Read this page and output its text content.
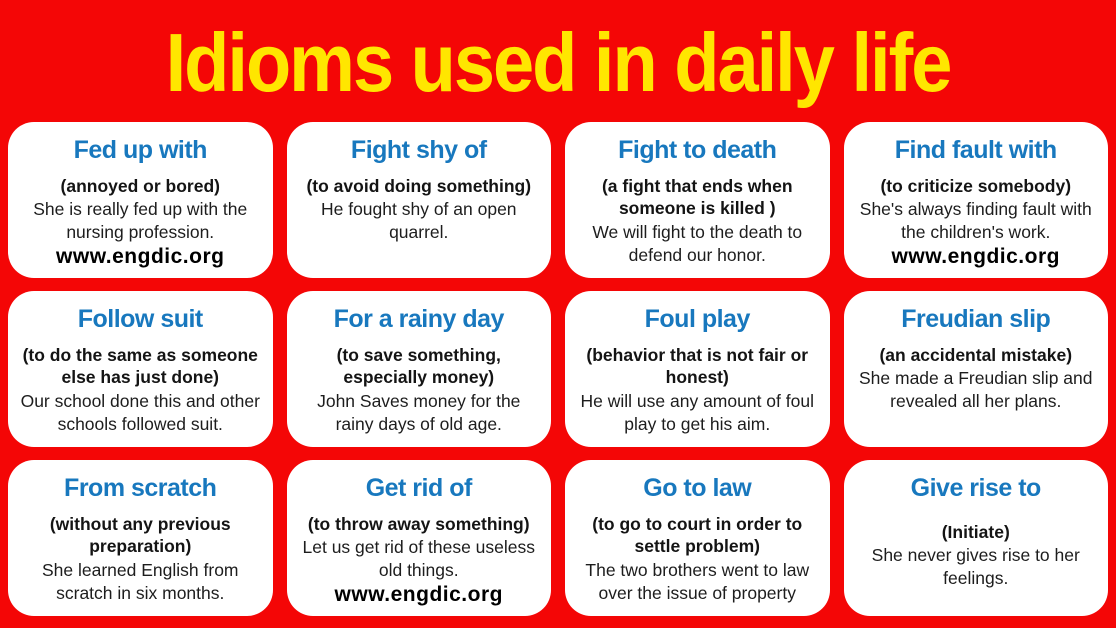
Idioms used in daily life
Fed up with

(annoyed or bored)

She is really fed up with the nursing profession.

www.engdic.org

Fight shy of

(to avoid doing something)

He fought shy of an open quarrel.

Fight to death

(a fight that ends when someone is killed )

We will fight to the death to defend our honor.

Find fault with

(to criticize somebody)

She's always finding fault with the children's work.

www.engdic.org

Follow suit

(to do the same as someone else has just done)

Our school done this and other schools followed suit.

For a rainy day

(to save something, especially money)

John Saves money for the rainy days of old age.

Foul play

(behavior that is not fair or honest)

He will use any amount of foul play to get his aim.

Freudian slip

(an accidental mistake)

She made a Freudian slip and revealed all her plans.

From scratch

(without any previous preparation)

She learned English from scratch in six months.

Get rid of

(to throw away something)

Let us get rid of these useless old things.

www.engdic.org

Go to law

(to go to court in order to settle problem)

The two brothers went to law over the issue of property

Give rise to

(Initiate)

She never gives rise to her feelings.
